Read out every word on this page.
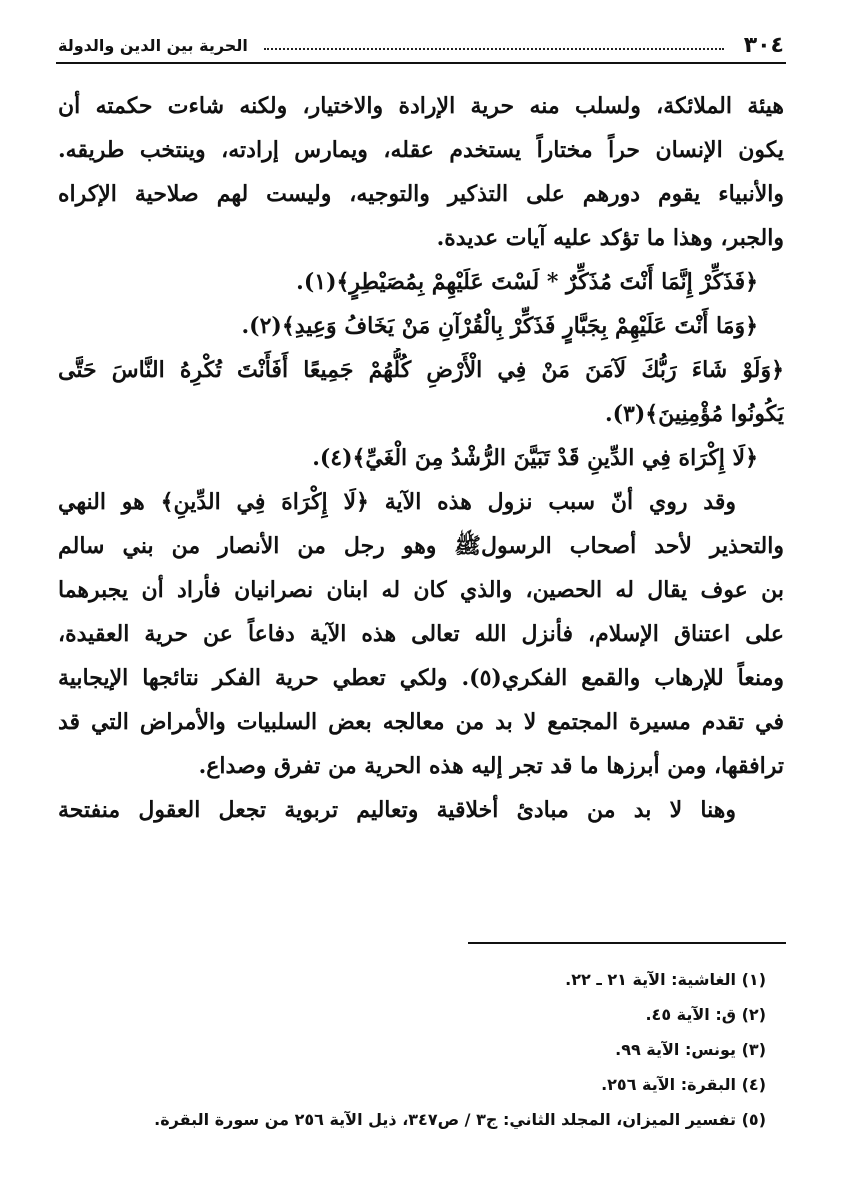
٣٠٤
الحرية بين الدين والدولة
هيئة الملائكة، ولسلب منه حرية الإرادة والاختيار، ولكنه شاءت حكمته أن
يكون الإنسان حراً مختاراً يستخدم عقله، ويمارس إرادته، وينتخب طريقه.
والأنبياء يقوم دورهم على التذكير والتوجيه، وليست لهم صلاحية الإكراه
والجبر، وهذا ما تؤكد عليه آيات عديدة.
﴿فَذَكِّرْ إِنَّمَا أَنْتَ مُذَكِّرٌ * لَسْتَ عَلَيْهِمْ بِمُصَيْطِرٍ﴾(١).
﴿وَمَا أَنْتَ عَلَيْهِمْ بِجَبَّارٍ فَذَكِّرْ بِالْقُرْآنِ مَنْ يَخَافُ وَعِيدِ﴾(٢).
﴿وَلَوْ شَاءَ رَبُّكَ لَآمَنَ مَنْ فِي الْأَرْضِ كُلُّهُمْ جَمِيعًا أَفَأَنْتَ تُكْرِهُ النَّاسَ حَتَّى
يَكُونُوا مُؤْمِنِينَ﴾(٣).
﴿لَا إِكْرَاهَ فِي الدِّينِ قَدْ تَبَيَّنَ الرُّشْدُ مِنَ الْغَيِّ﴾(٤).
وقد روي أنّ سبب نزول هذه الآية ﴿لَا إِكْرَاهَ فِي الدِّينِ﴾ هو النهي
والتحذير لأحد أصحاب الرسولﷺ وهو رجل من الأنصار من بني سالم
بن عوف يقال له الحصين، والذي كان له ابنان نصرانيان فأراد أن يجبرهما
على اعتناق الإسلام، فأنزل الله تعالى هذه الآية دفاعاً عن حرية العقيدة،
ومنعاً للإرهاب والقمع الفكري(٥). ولكي تعطي حرية الفكر نتائجها الإيجابية
في تقدم مسيرة المجتمع لا بد من معالجه بعض السلبيات والأمراض التي قد
ترافقها، ومن أبرزها ما قد تجر إليه هذه الحرية من تفرق وصداع.
وهنا لا بد من مبادئ أخلاقية وتعاليم تربوية تجعل العقول منفتحة
(١) الغاشية: الآية ٢١ ـ ٢٢.
(٢) ق: الآية ٤٥.
(٣) يونس: الآية ٩٩.
(٤) البقرة: الآية ٢٥٦.
(٥) تفسير الميزان، المجلد الثاني: ج٣ / ص٣٤٧، ذيل الآية ٢٥٦ من سورة البقرة.
